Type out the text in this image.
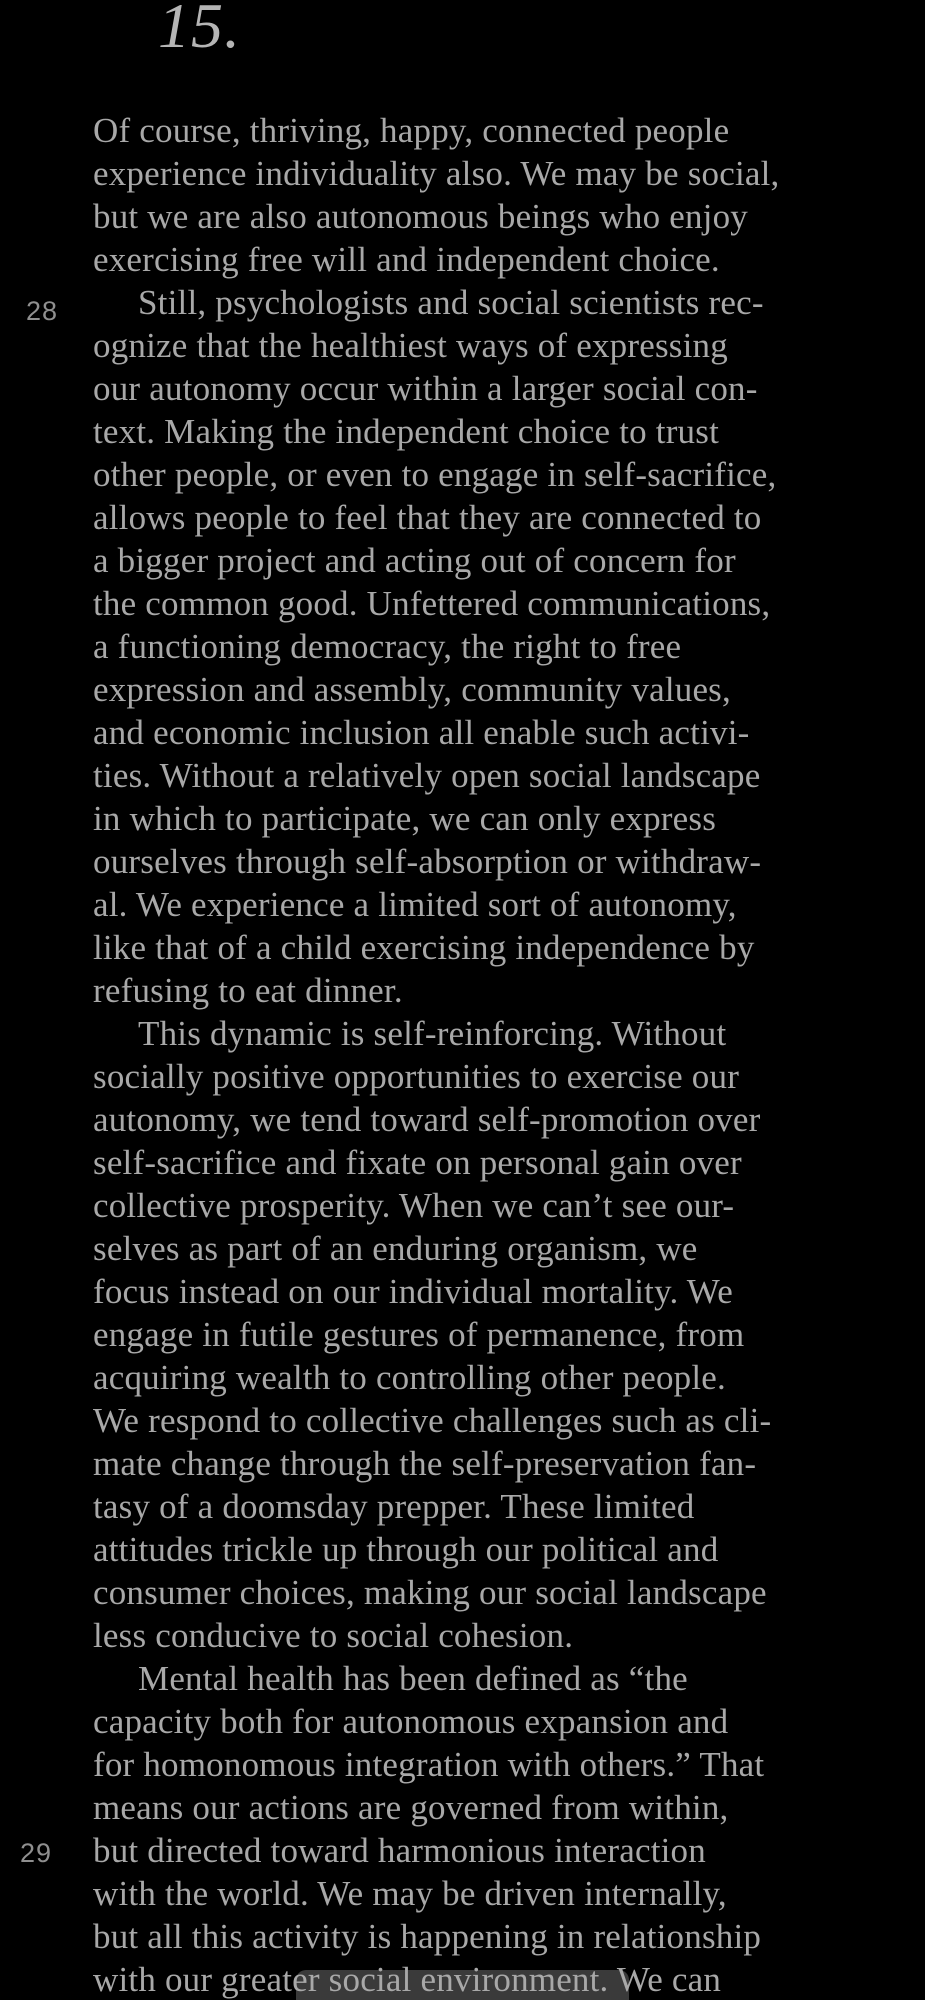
15.
28
29
Of course, thriving, happy, connected people
experience individuality also. We may be social,
but we are also autonomous beings who enjoy
exercising free will and independent choice.
Still, psychologists and social scientists rec-
ognize that the healthiest ways of expressing
our autonomy occur within a larger social con-
text. Making the independent choice to trust
other people, or even to engage in self-sacrifice,
allows people to feel that they are connected to
a bigger project and acting out of concern for
the common good. Unfettered communications,
a functioning democracy, the right to free
expression and assembly, community values,
and economic inclusion all enable such activi-
ties. Without a relatively open social landscape
in which to participate, we can only express
ourselves through self-absorption or withdraw-
al. We experience a limited sort of autonomy,
like that of a child exercising independence by
refusing to eat dinner.
This dynamic is self-reinforcing. Without
socially positive opportunities to exercise our
autonomy, we tend toward self-promotion over
self-sacrifice and fixate on personal gain over
collective prosperity. When we can’t see our-
selves as part of an enduring organism, we
focus instead on our individual mortality. We
engage in futile gestures of permanence, from
acquiring wealth to controlling other people.
We respond to collective challenges such as cli-
mate change through the self-preservation fan-
tasy of a doomsday prepper. These limited
attitudes trickle up through our political and
consumer choices, making our social landscape
less conducive to social cohesion.
Mental health has been defined as “the
capacity both for autonomous expansion and
for homonomous integration with others.” That
means our actions are governed from within,
but directed toward harmonious interaction
with the world. We may be driven internally,
but all this activity is happening in relationship
with our greater social environment. We can
